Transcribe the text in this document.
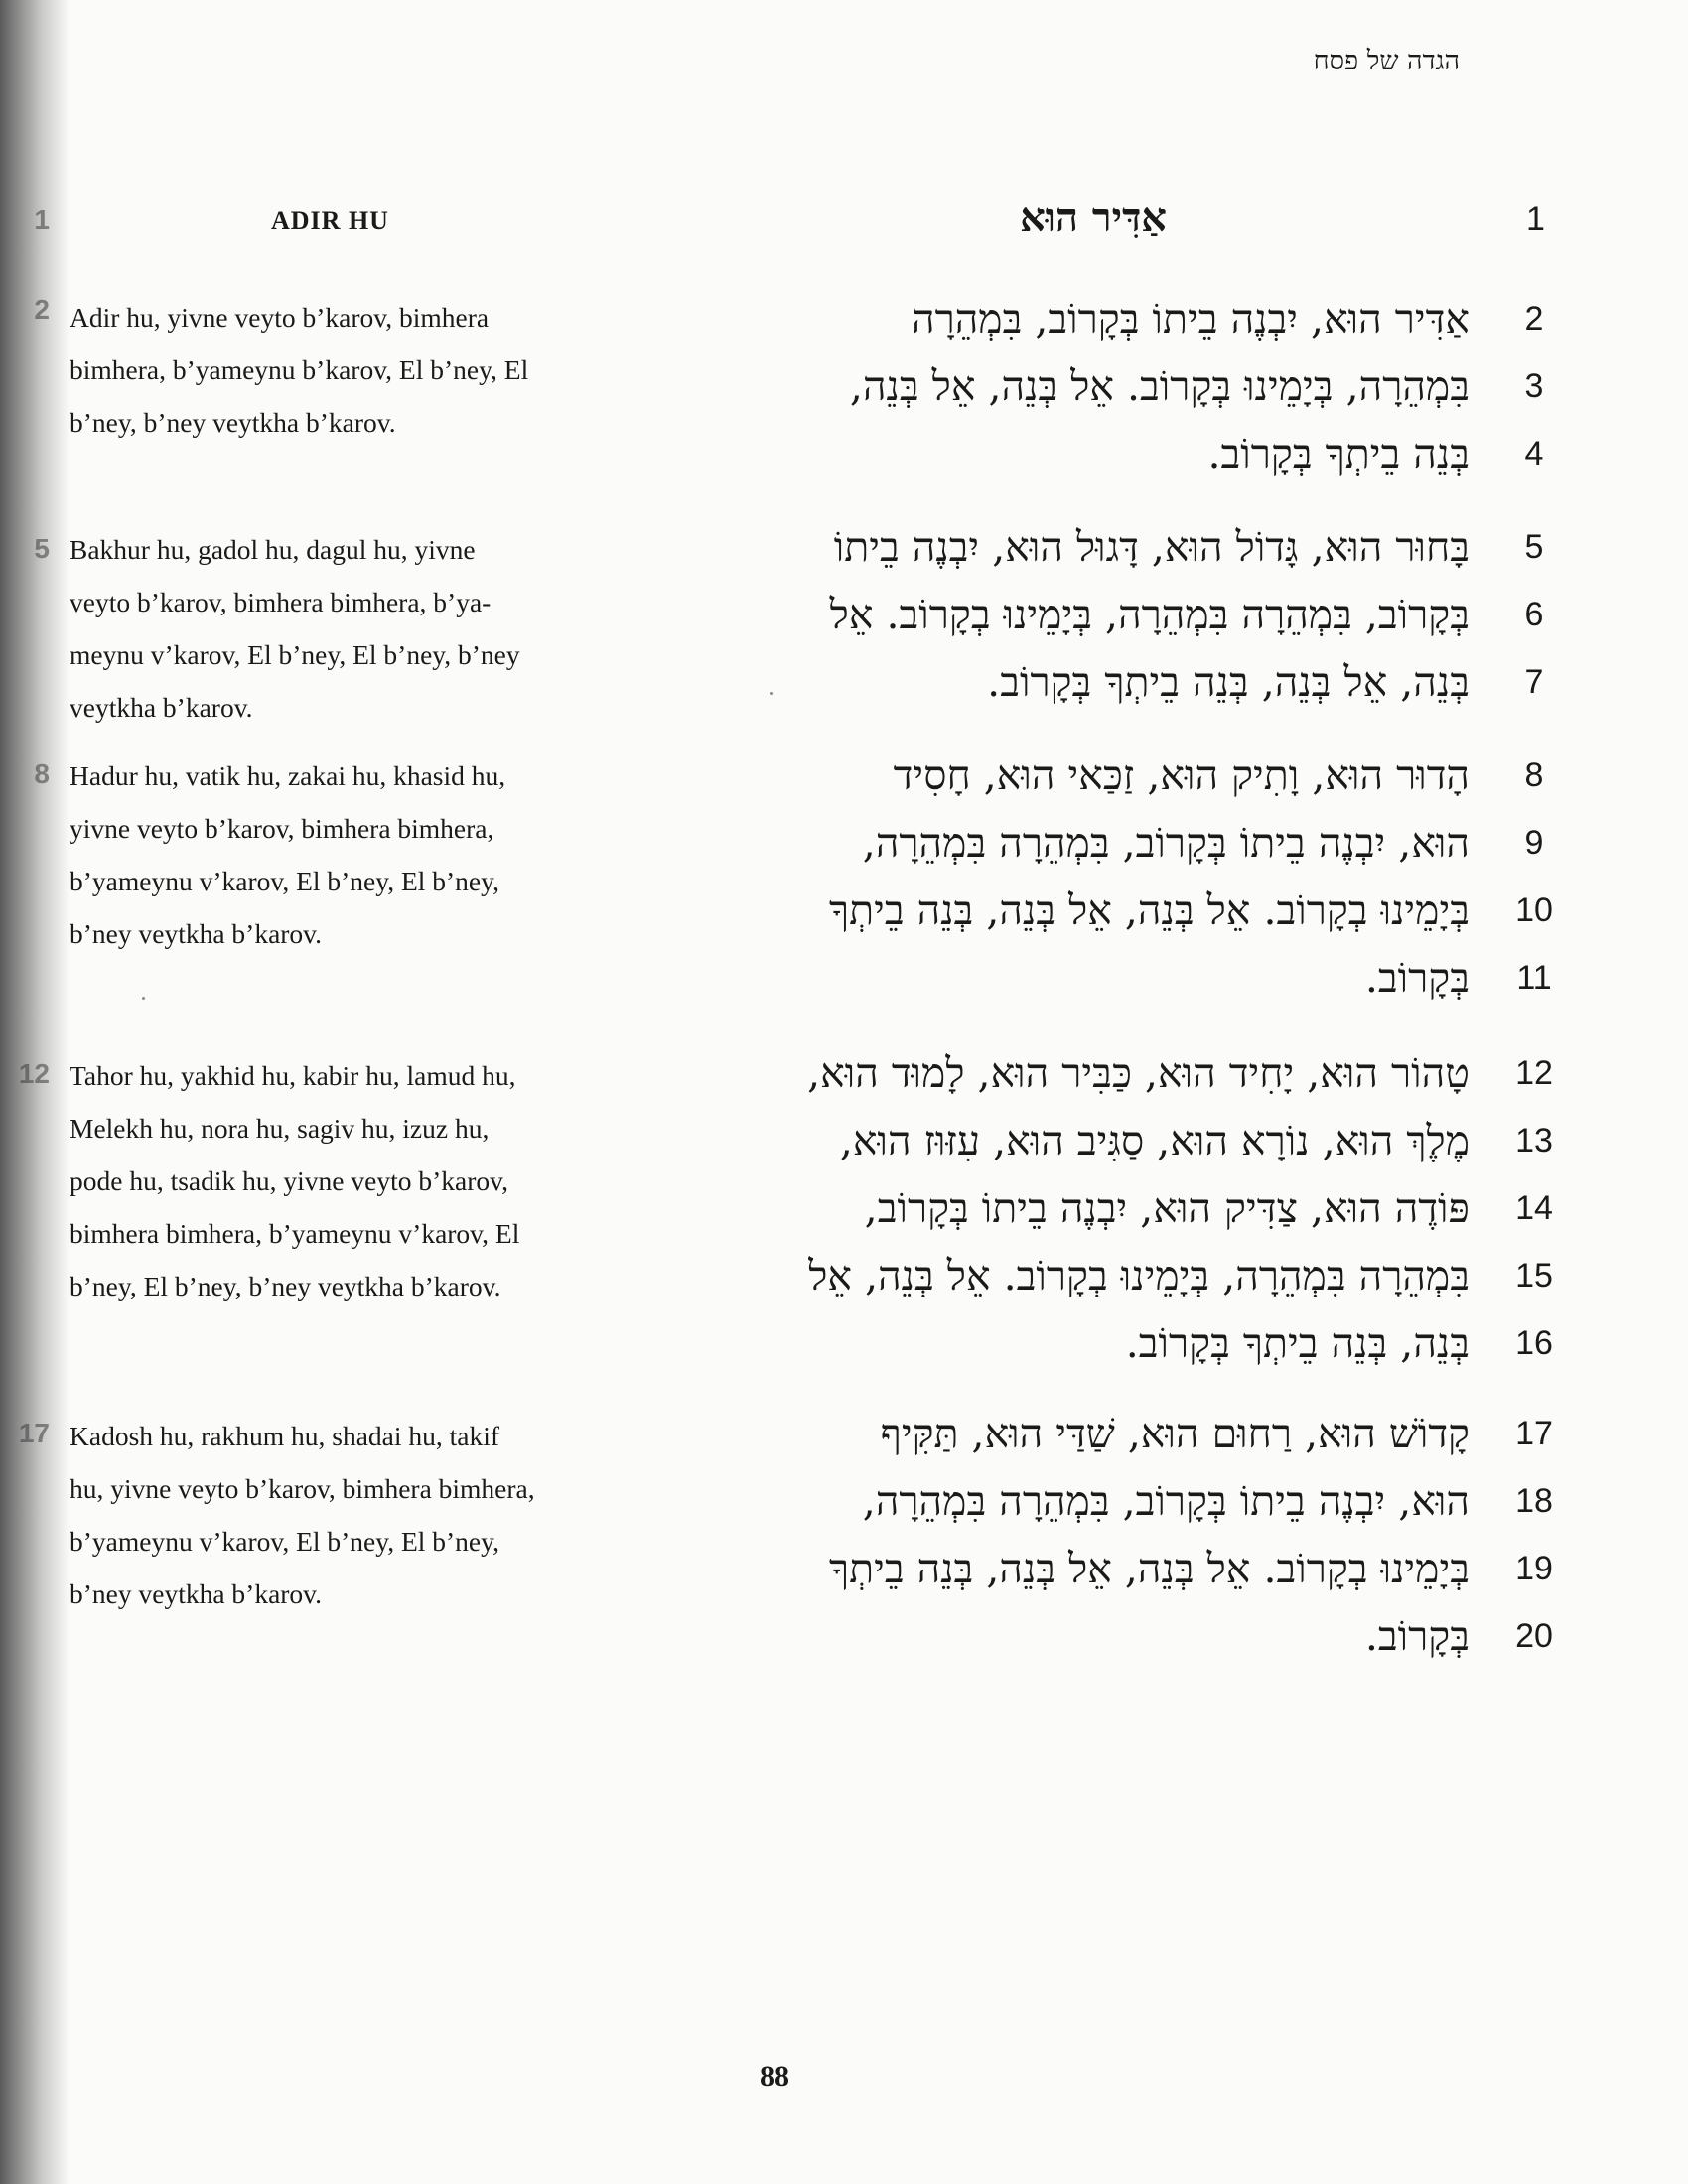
הגדה של פסח
1
2
5
8
12
17
ADIR HU	אַדִּיר הוּא	1
Adir hu, yivne veyto b’karov, bimhera
bimhera, b’yameynu b’karov, El b’ney, El
b’ney, b’ney veytkha b’karov.
אַדִּיר הוּא, יִבְנֶה בֵיתוֹ בְּקָרוֹב, בִּמְהֵרָה
בִּמְהֵרָה, בְּיָמֵינוּ בְּקָרוֹב. אֵל בְּנֵה, אֵל בְּנֵה,
בְּנֵה בֵיתְךָ בְּקָרוֹב.
2
3
4
Bakhur hu, gadol hu, dagul hu, yivne
veyto b’karov, bimhera bimhera, b’ya-
meynu v’karov, El b’ney, El b’ney, b’ney
veytkha b’karov.
בָּחוּר הוּא, גָּדוֹל הוּא, דָּגוּל הוּא, יִבְנֶה בֵיתוֹ
בְּקָרוֹב, בִּמְהֵרָה בִּמְהֵרָה, בְּיָמֵינוּ בְקָרוֹב. אֵל
בְּנֵה, אֵל בְּנֵה, בְּנֵה בֵיתְךָ בְּקָרוֹב.
5
6
7
Hadur hu, vatik hu, zakai hu, khasid hu,
yivne veyto b’karov, bimhera bimhera,
b’yameynu v’karov, El b’ney, El b’ney,
b’ney veytkha b’karov.
הָדוּר הוּא, וָתִיק הוּא, זַכַּאי הוּא, חָסִיד
הוּא, יִבְנֶה בֵיתוֹ בְּקָרוֹב, בִּמְהֵרָה בִּמְהֵרָה,
בְּיָמֵינוּ בְקָרוֹב. אֵל בְּנֵה, אֵל בְּנֵה, בְּנֵה בֵיתְךָ
בְּקָרוֹב.
8
9
10
11
Tahor hu, yakhid hu, kabir hu, lamud hu,
Melekh hu, nora hu, sagiv hu, izuz hu,
pode hu, tsadik hu, yivne veyto b’karov,
bimhera bimhera, b’yameynu v’karov, El
b’ney, El b’ney, b’ney veytkha b’karov.
טָהוֹר הוּא, יָחִיד הוּא, כַּבִּיר הוּא, לָמוּד הוּא,
מֶלֶךְ הוּא, נוֹרָא הוּא, סַגִּיב הוּא, עִזּוּז הוּא,
פּוֹדֶה הוּא, צַדִּיק הוּא, יִבְנֶה בֵיתוֹ בְּקָרוֹב,
בִּמְהֵרָה בִּמְהֵרָה, בְּיָמֵינוּ בְקָרוֹב. אֵל בְּנֵה, אֵל
בְּנֵה, בְּנֵה בֵיתְךָ בְּקָרוֹב.
12
13
14
15
16
Kadosh hu, rakhum hu, shadai hu, takif
hu, yivne veyto b’karov, bimhera bimhera,
b’yameynu v’karov, El b’ney, El b’ney,
b’ney veytkha b’karov.
קָדוֹשׁ הוּא, רַחוּם הוּא, שַׁדַּי הוּא, תַּקִּיף
הוּא, יִבְנֶה בֵיתוֹ בְּקָרוֹב, בִּמְהֵרָה בִּמְהֵרָה,
בְּיָמֵינוּ בְקָרוֹב. אֵל בְּנֵה, אֵל בְּנֵה, בְּנֵה בֵיתְךָ
בְּקָרוֹב.
17
18
19
20
88
